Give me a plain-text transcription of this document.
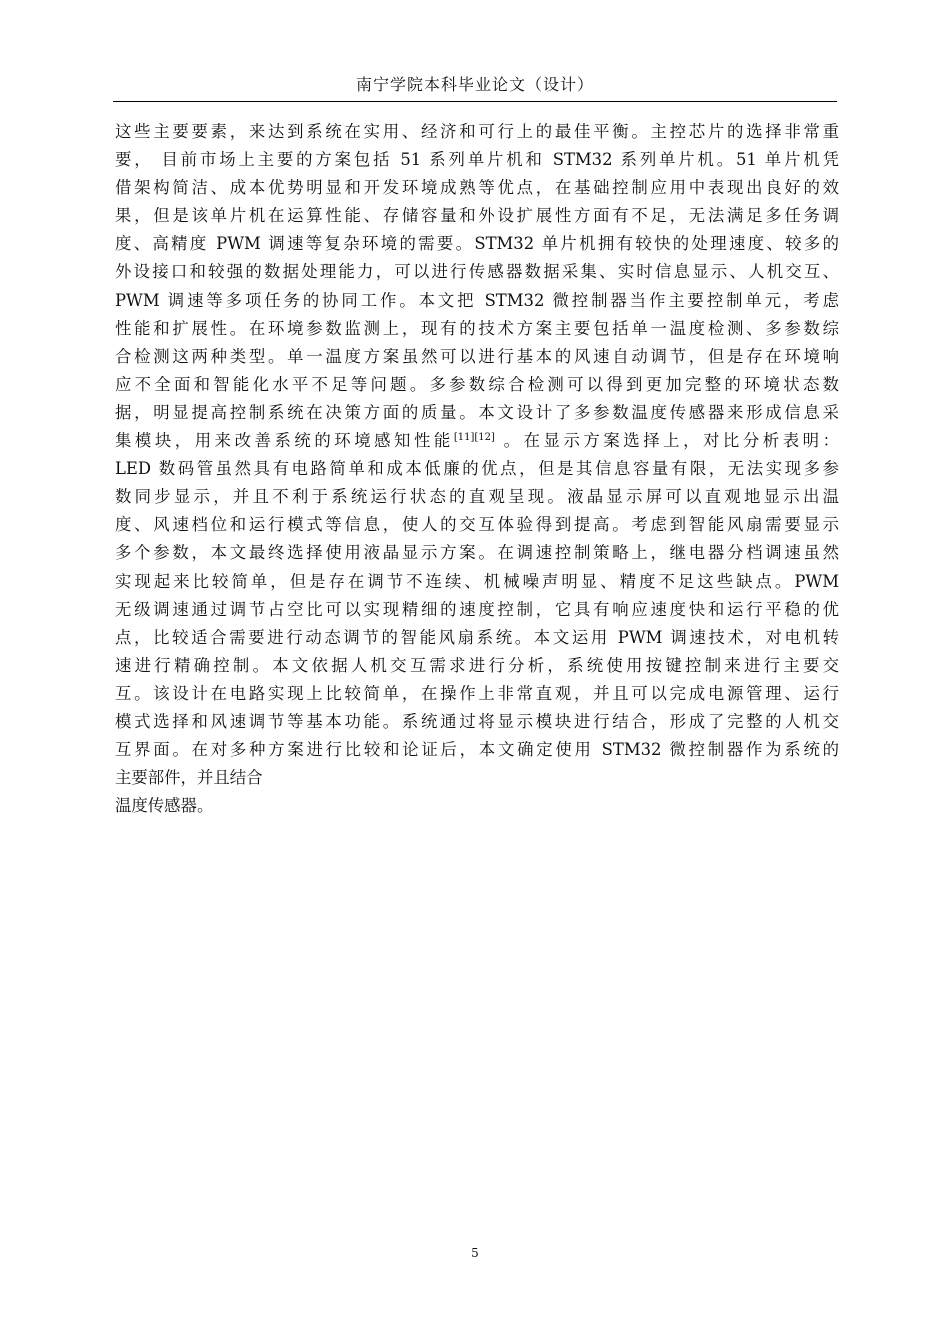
南宁学院本科毕业论文（设计）
这些主要要素，来达到系统在实用、经济和可行上的最佳平衡。主控芯片的选择非常重
要， 目前市场上主要的方案包括 51 系列单片机和 STM32 系列单片机。51 单片机凭
借架构简洁、成本优势明显和开发环境成熟等优点，在基础控制应用中表现出良好的效
果，但是该单片机在运算性能、存储容量和外设扩展性方面有不足，无法满足多任务调
度、高精度 PWM 调速等复杂环境的需要。STM32 单片机拥有较快的处理速度、较多的
外设接口和较强的数据处理能力，可以进行传感器数据采集、实时信息显示、人机交互、
PWM 调速等多项任务的协同工作。本文把 STM32 微控制器当作主要控制单元，考虑
性能和扩展性。在环境参数监测上，现有的技术方案主要包括单一温度检测、多参数综
合检测这两种类型。单一温度方案虽然可以进行基本的风速自动调节，但是存在环境响
应不全面和智能化水平不足等问题。多参数综合检测可以得到更加完整的环境状态数
据，明显提高控制系统在决策方面的质量。本文设计了多参数温度传感器来形成信息采
集模块，用来改善系统的环境感知性能[11][12] 。在显示方案选择上，对比分析表明：
LED 数码管虽然具有电路简单和成本低廉的优点，但是其信息容量有限，无法实现多参
数同步显示，并且不利于系统运行状态的直观呈现。液晶显示屏可以直观地显示出温
度、风速档位和运行模式等信息，使人的交互体验得到提高。考虑到智能风扇需要显示
多个参数，本文最终选择使用液晶显示方案。在调速控制策略上，继电器分档调速虽然
实现起来比较简单，但是存在调节不连续、机械噪声明显、精度不足这些缺点。PWM
无级调速通过调节占空比可以实现精细的速度控制，它具有响应速度快和运行平稳的优
点，比较适合需要进行动态调节的智能风扇系统。本文运用 PWM 调速技术，对电机转
速进行精确控制。本文依据人机交互需求进行分析，系统使用按键控制来进行主要交
互。该设计在电路实现上比较简单，在操作上非常直观，并且可以完成电源管理、运行
模式选择和风速调节等基本功能。系统通过将显示模块进行结合，形成了完整的人机交
互界面。在对多种方案进行比较和论证后，本文确定使用 STM32 微控制器作为系统的
主要部件，并且结合
温度传感器。
5
